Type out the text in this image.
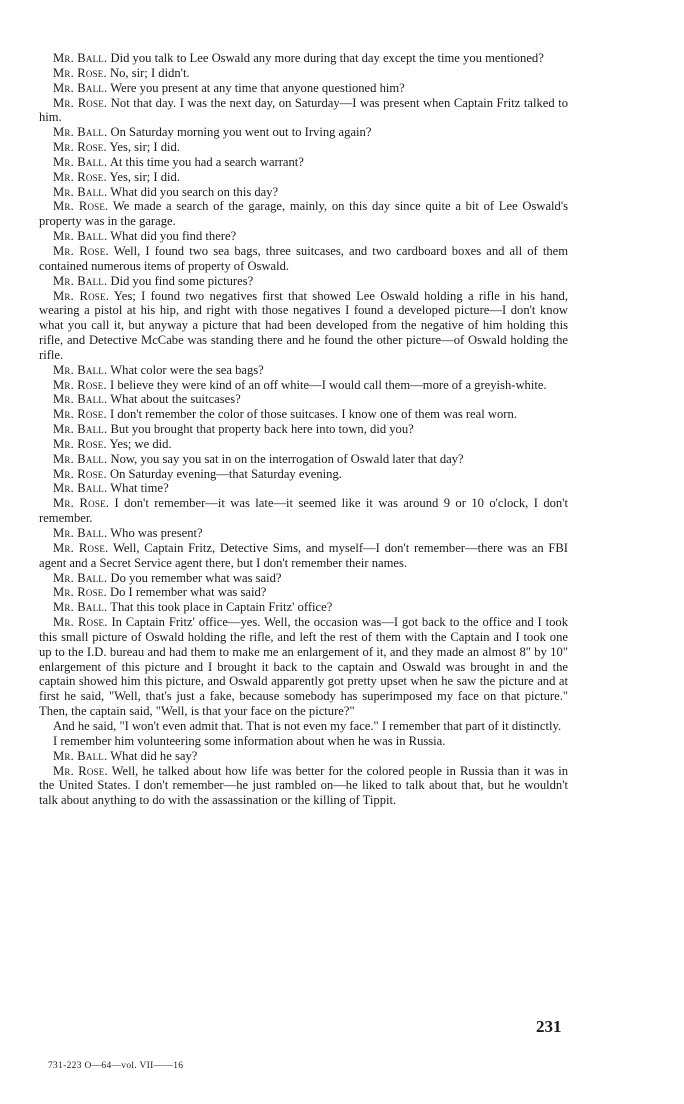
Mr. Ball. Did you talk to Lee Oswald any more during that day except the time you mentioned?

Mr. Rose. No, sir; I didn't.

Mr. Ball. Were you present at any time that anyone questioned him?

Mr. Rose. Not that day. I was the next day, on Saturday—I was present when Captain Fritz talked to him.

Mr. Ball. On Saturday morning you went out to Irving again?

Mr. Rose. Yes, sir; I did.

Mr. Ball. At this time you had a search warrant?

Mr. Rose. Yes, sir; I did.

Mr. Ball. What did you search on this day?

Mr. Rose. We made a search of the garage, mainly, on this day since quite a bit of Lee Oswald's property was in the garage.

Mr. Ball. What did you find there?

Mr. Rose. Well, I found two sea bags, three suitcases, and two cardboard boxes and all of them contained numerous items of property of Oswald.

Mr. Ball. Did you find some pictures?

Mr. Rose. Yes; I found two negatives first that showed Lee Oswald holding a rifle in his hand, wearing a pistol at his hip, and right with those negatives I found a developed picture—I don't know what you call it, but anyway a picture that had been developed from the negative of him holding this rifle, and Detective McCabe was standing there and he found the other picture—of Oswald holding the rifle.

Mr. Ball. What color were the sea bags?

Mr. Rose. I believe they were kind of an off white—I would call them—more of a greyish-white.

Mr. Ball. What about the suitcases?

Mr. Rose. I don't remember the color of those suitcases. I know one of them was real worn.

Mr. Ball. But you brought that property back here into town, did you?

Mr. Rose. Yes; we did.

Mr. Ball. Now, you say you sat in on the interrogation of Oswald later that day?

Mr. Rose. On Saturday evening—that Saturday evening.

Mr. Ball. What time?

Mr. Rose. I don't remember—it was late—it seemed like it was around 9 or 10 o'clock, I don't remember.

Mr. Ball. Who was present?

Mr. Rose. Well, Captain Fritz, Detective Sims, and myself—I don't remember—there was an FBI agent and a Secret Service agent there, but I don't remember their names.

Mr. Ball. Do you remember what was said?

Mr. Rose. Do I remember what was said?

Mr. Ball. That this took place in Captain Fritz' office?

Mr. Rose. In Captain Fritz' office—yes. Well, the occasion was—I got back to the office and I took this small picture of Oswald holding the rifle, and left the rest of them with the Captain and I took one up to the I.D. bureau and had them to make me an enlargement of it, and they made an almost 8" by 10" enlargement of this picture and I brought it back to the captain and Oswald was brought in and the captain showed him this picture, and Oswald apparently got pretty upset when he saw the picture and at first he said, "Well, that's just a fake, because somebody has superimposed my face on that picture." Then, the captain said, "Well, is that your face on the picture?"

And he said, "I won't even admit that. That is not even my face." I remember that part of it distinctly.

I remember him volunteering some information about when he was in Russia.

Mr. Ball. What did he say?

Mr. Rose. Well, he talked about how life was better for the colored people in Russia than it was in the United States. I don't remember—he just rambled on—he liked to talk about that, but he wouldn't talk about anything to do with the assassination or the killing of Tippit.

231
731-223 O—64—vol. VII——16
